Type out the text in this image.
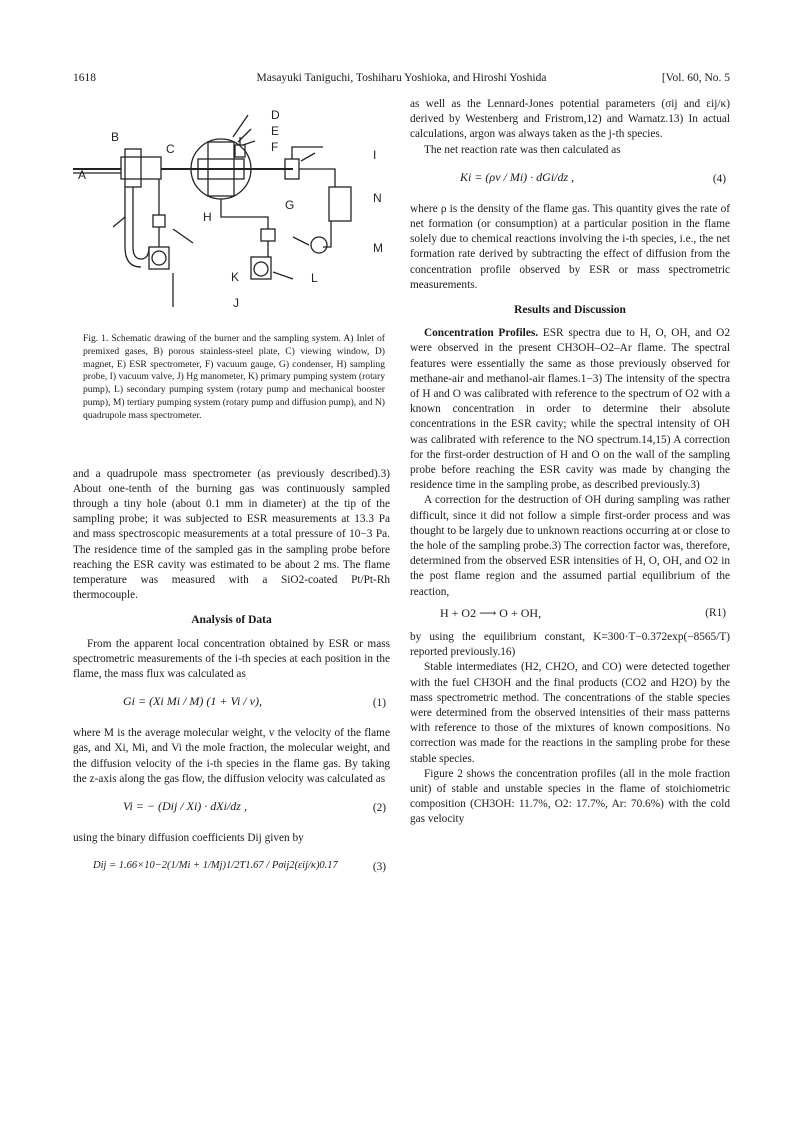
1618	Masayuki Taniguchi, Toshiharu Yoshioka, and Hiroshi Yoshida	[Vol. 60, No. 5
A
B
C
D
E
F
G
H
I
J
K	L
M
N

Fig. 1. Schematic drawing of the burner and the sampling system. A) Inlet of premixed gases, B) porous stainless-steel plate, C) viewing window, D) magnet, E) ESR spectrometer, F) vacuum gauge, G) condenser, H) sampling probe, I) vacuum valve, J) Hg manometer, K) primary pumping system (rotary pump), L) secondary pumping system (rotary pump and mechanical booster pump), M) tertiary pumping system (rotary pump and diffusion pump), and N) quadrupole mass spectrometer.

and a quadrupole mass spectrometer (as previously described).3) About one-tenth of the burning gas was continuously sampled through a tiny hole (about 0.1 mm in diameter) at the tip of the sampling probe; it was subjected to ESR measurements at 13.3 Pa and mass spectroscopic measurements at a total pressure of 10−3 Pa. The residence time of the sampled gas in the sampling probe before reaching the ESR cavity was estimated to be about 2 ms. The flame temperature was measured with a SiO2-coated Pt/Pt-Rh thermocouple.

Analysis of Data

From the apparent local concentration obtained by ESR or mass spectrometric measurements of the i-th species at each position in the flame, the mass flux was calculated as

Gi = (Xi Mi / M) (1 + Vi / v),	(1)

where M is the average molecular weight, v the velocity of the flame gas, and Xi, Mi, and Vi the mole fraction, the molecular weight, and the diffusion velocity of the i-th species in the flame gas. By taking the z-axis along the gas flow, the diffusion velocity was calculated as

Vi = − (Dij / Xi) · dXi/dz ,	(2)

using the binary diffusion coefficients Dij given by

Dij = 1.66×10−2(1/Mi + 1/Mj)1/2T1.67 / Pσij2(εij/κ)0.17	(3)

as well as the Lennard-Jones potential parameters (σij and εij/κ) derived by Westenberg and Fristrom,12) and Warnatz.13) In actual calculations, argon was always taken as the j-th species.

The net reaction rate was then calculated as

Ki = (ρv / Mi) · dGi/dz ,	(4)

where ρ is the density of the flame gas. This quantity gives the rate of net formation (or consumption) at a particular position in the flame solely due to chemical reactions involving the i-th species, i.e., the net formation rate derived by subtracting the effect of diffusion from the concentration profile observed by ESR or mass spectrometric measurements.

Results and Discussion

Concentration Profiles. ESR spectra due to H, O, OH, and O2 were observed in the present CH3OH–O2–Ar flame. The spectral features were essentially the same as those previously observed for methane-air and methanol-air flames.1−3) The intensity of the spectra of H and O was calibrated with reference to the spectrum of O2 with a known concentration in order to determine their absolute concentrations in the ESR cavity; while the spectral intensity of OH was calibrated with reference to the NO spectrum.14,15) A correction for the first-order destruction of H and O on the wall of the sampling probe before reaching the ESR cavity was made by changing the residence time in the sampling probe, as described previously.3)

A correction for the destruction of OH during sampling was rather difficult, since it did not follow a simple first-order process and was thought to be largely due to unknown reactions occurring at or close to the hole of the sampling probe.3) The correction factor was, therefore, determined from the observed ESR intensities of H, O, OH, and O2 in the post flame region and the assumed partial equilibrium of the reaction,

H + O2 ⟶ O + OH,	(R1)

by using the equilibrium constant, K=300·T−0.372exp(−8565/T) reported previously.16)

Stable intermediates (H2, CH2O, and CO) were detected together with the fuel CH3OH and the final products (CO2 and H2O) by the mass spectrometric method. The concentrations of the stable species were determined from the observed intensities of their mass patterns with reference to those of the mixtures of known compositions. No correction was made for the reactions in the sampling probe for these stable species.

Figure 2 shows the concentration profiles (all in the mole fraction unit) of stable and unstable species in the flame of stoichiometric composition (CH3OH: 11.7%, O2: 17.7%, Ar: 70.6%) with the cold gas velocity
